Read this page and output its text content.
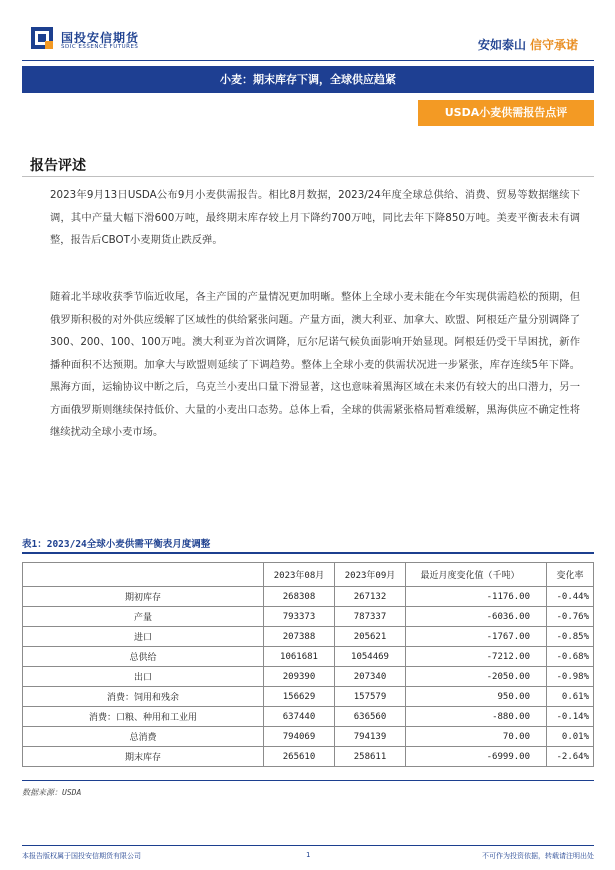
国投安信期货
SDIC ESSENCE FUTURES	安如泰山 信守承诺
小麦：期末库存下调，全球供应趋紧
USDA小麦供需报告点评
报告评述
2023年9月13日USDA公布9月小麦供需报告。相比8月数据，2023/24年度全球总供给、消费、贸易等数据继续下调，其中产量大幅下滑600万吨，最终期末库存较上月下降约700万吨，同比去年下降850万吨。美麦平衡表未有调整，报告后CBOT小麦期货止跌反弹。
随着北半球收获季节临近收尾，各主产国的产量情况更加明晰。整体上全球小麦未能在今年实现供需趋松的预期，但俄罗斯积极的对外供应缓解了区域性的供给紧张问题。产量方面，澳大利亚、加拿大、欧盟、阿根廷产量分别调降了300、200、100、100万吨。澳大利亚为首次调降，厄尔尼诺气候负面影响开始显现。阿根廷仍受干旱困扰，新作播种面积不达预期。加拿大与欧盟则延续了下调趋势。整体上全球小麦的供需状况进一步紧张，库存连续5年下降。黑海方面，运输协议中断之后，乌克兰小麦出口量下滑显著，这也意味着黑海区域在未来仍有较大的出口潜力，另一方面俄罗斯则继续保持低价、大量的小麦出口态势。总体上看，全球的供需紧张格局暂难缓解，黑海供应不确定性将继续扰动全球小麦市场。
表1：2023/24全球小麦供需平衡表月度调整
	2023年08月	2023年09月	最近月度变化值（千吨）	变化率
期初库存	268308	267132	-1176.00	-0.44%
产量	793373	787337	-6036.00	-0.76%
进口	207388	205621	-1767.00	-0.85%
总供给	1061681	1054469	-7212.00	-0.68%
出口	209390	207340	-2050.00	-0.98%
消费：饲用和残余	156629	157579	950.00	0.61%
消费：口粮、种用和工业用	637440	636560	-880.00	-0.14%
总消费	794069	794139	70.00	0.01%
期末库存	265610	258611	-6999.00	-2.64%
数据来源：USDA
本报告版权属于国投安信期货有限公司	1	不可作为投资依据，转载请注明出处
